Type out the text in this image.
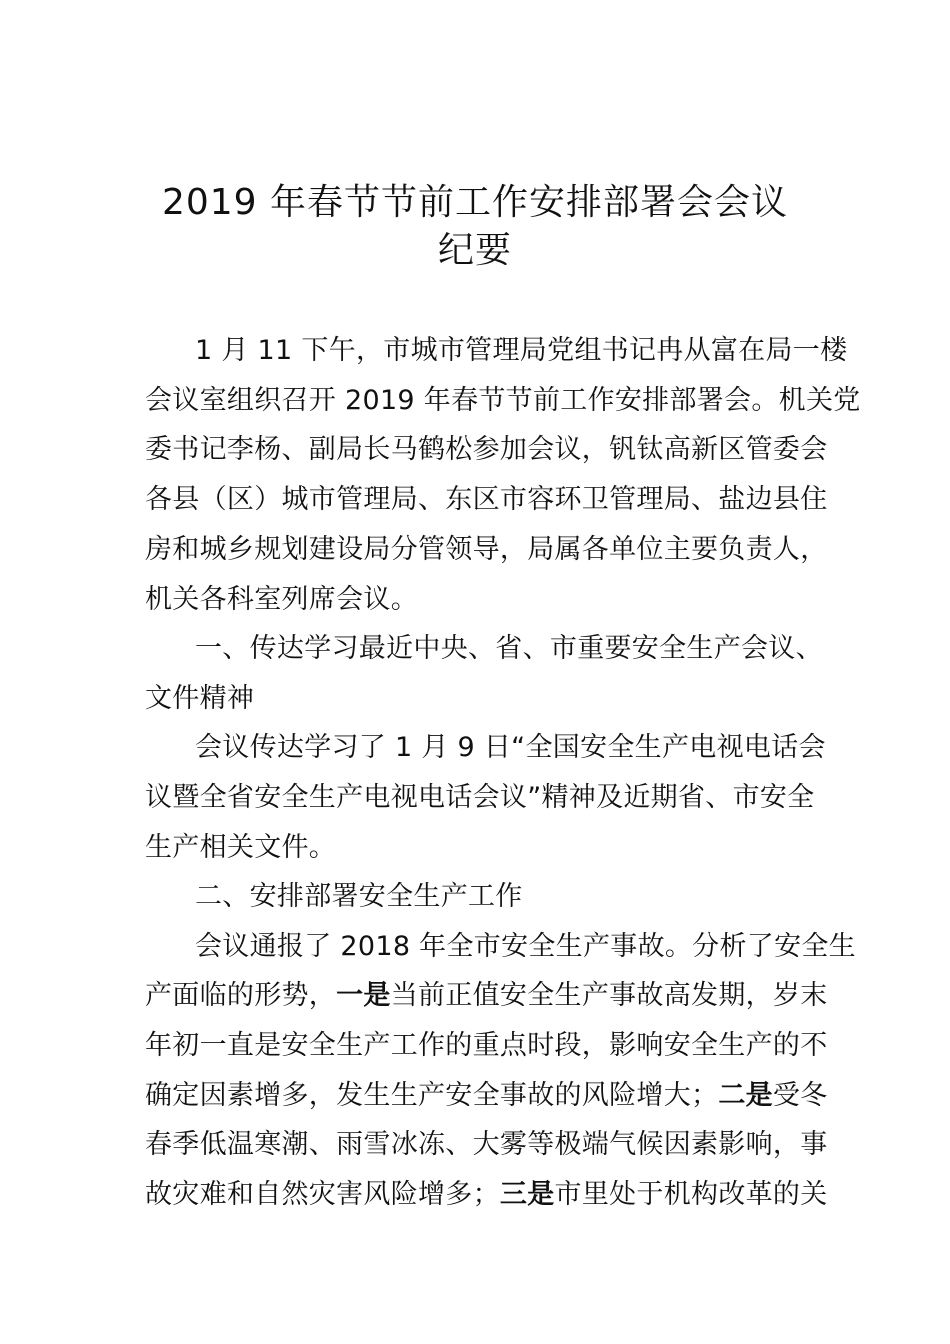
2019 年春节节前工作安排部署会会议
纪要

1 月 11 下午，市城市管理局党组书记冉从富在局一楼

会议室组织召开 2019 年春节节前工作安排部署会。机关党

委书记李杨、副局长马鹤松参加会议，钒钛高新区管委会

各县（区）城市管理局、东区市容环卫管理局、盐边县住

房和城乡规划建设局分管领导，局属各单位主要负责人，

机关各科室列席会议。

一、传达学习最近中央、省、市重要安全生产会议、

文件精神

会议传达学习了 1 月 9 日“全国安全生产电视电话会

议暨全省安全生产电视电话会议”精神及近期省、市安全

生产相关文件。

二、安排部署安全生产工作

会议通报了 2018 年全市安全生产事故。分析了安全生

产面临的形势，一是当前正值安全生产事故高发期，岁末

年初一直是安全生产工作的重点时段，影响安全生产的不

确定因素增多，发生生产安全事故的风险增大；二是受冬

春季低温寒潮、雨雪冰冻、大雾等极端气候因素影响，事

故灾难和自然灾害风险增多；三是市里处于机构改革的关
